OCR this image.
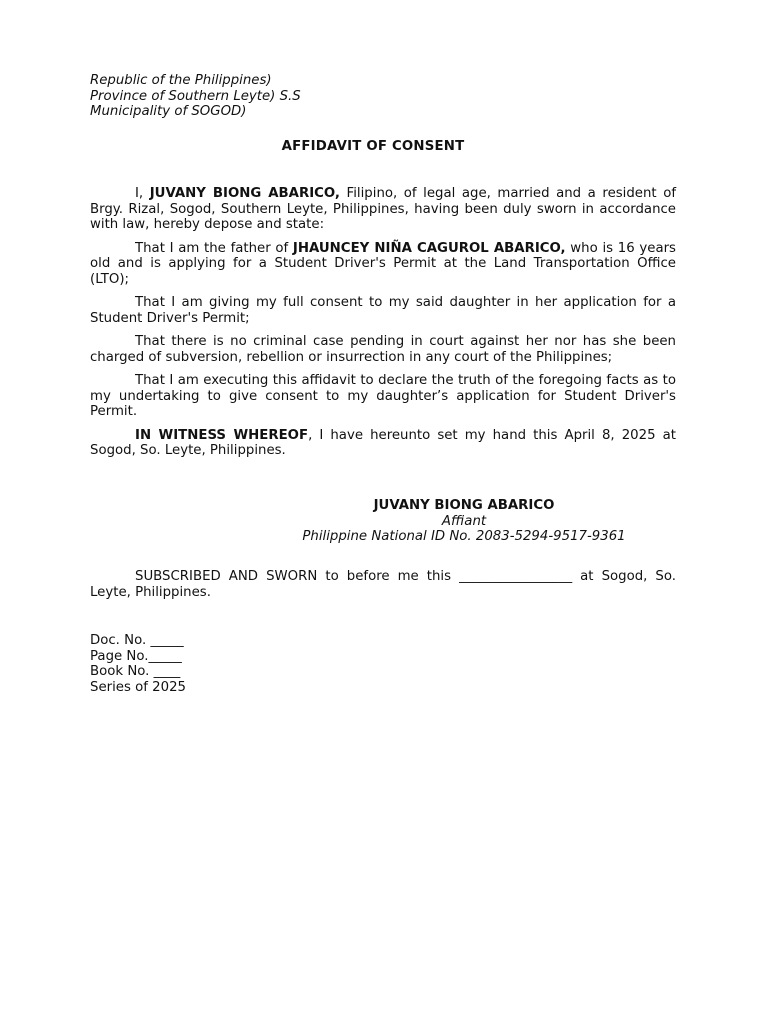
Republic of the Philippines)
Province of Southern Leyte) S.S
Municipality of SOGOD)
AFFIDAVIT OF CONSENT

I, JUVANY BIONG ABARICO, Filipino, of legal age, married and a resident of Brgy. Rizal, Sogod, Southern Leyte, Philippines, having been duly sworn in accordance with law, hereby depose and state:

That I am the father of JHAUNCEY NIÑA CAGUROL ABARICO, who is 16 years old and is applying for a Student Driver's Permit at the Land Transportation Office (LTO);

That I am giving my full consent to my said daughter in her application for a Student Driver's Permit;

That there is no criminal case pending in court against her nor has she been charged of subversion, rebellion or insurrection in any court of the Philippines;

That I am executing this affidavit to declare the truth of the foregoing facts as to my undertaking to give consent to my daughter’s application for Student Driver's Permit.

IN WITNESS WHEREOF, I have hereunto set my hand this April 8, 2025 at Sogod, So. Leyte, Philippines.

JUVANY BIONG ABARICO
Affiant
Philippine National ID No. 2083-5294-9517-9361

SUBSCRIBED AND SWORN to before me this _________________ at Sogod, So. Leyte, Philippines.

Doc. No. _____
Page No._____
Book No. ____
Series of 2025
